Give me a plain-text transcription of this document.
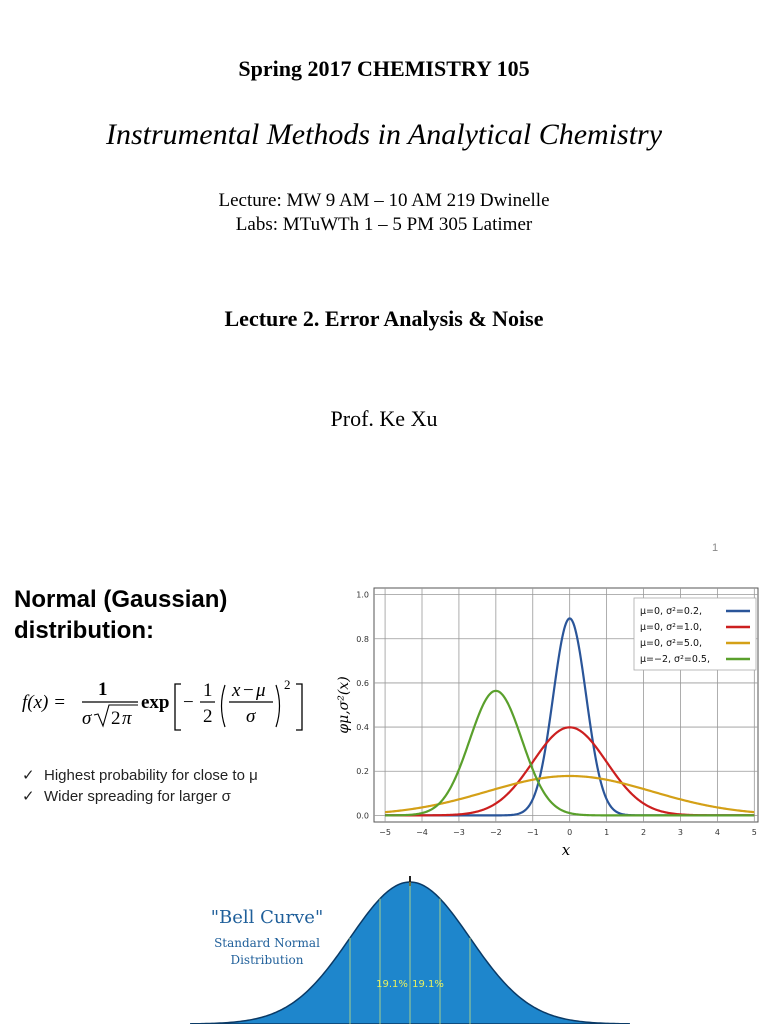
Spring 2017 CHEMISTRY 105
Instrumental Methods in Analytical Chemistry
Lecture: MW 9 AM – 10 AM 219 Dwinelle
Labs: MTuWTh 1 – 5 PM 305 Latimer
Lecture 2. Error Analysis & Noise
Prof. Ke Xu
1
Normal (Gaussian)
distribution:
f(x) =
1
σ 2 π
exp −
1
2
x − μ
σ
2
✓ Highest probability for close to μ
✓ Wider spreading for larger σ
−5	−4	−3	−2	−1	0	1	2	3	4	5
0.0
0.2
0.4
0.6
0.8
1.0
μ=0, σ²=0.2,
μ=0, σ²=1.0,
μ=0, σ²=5.0,
μ=−2, σ²=0.5,
x
φμ,σ²(x)
"Bell Curve"
Standard Normal
Distribution
19.1% 19.1%
